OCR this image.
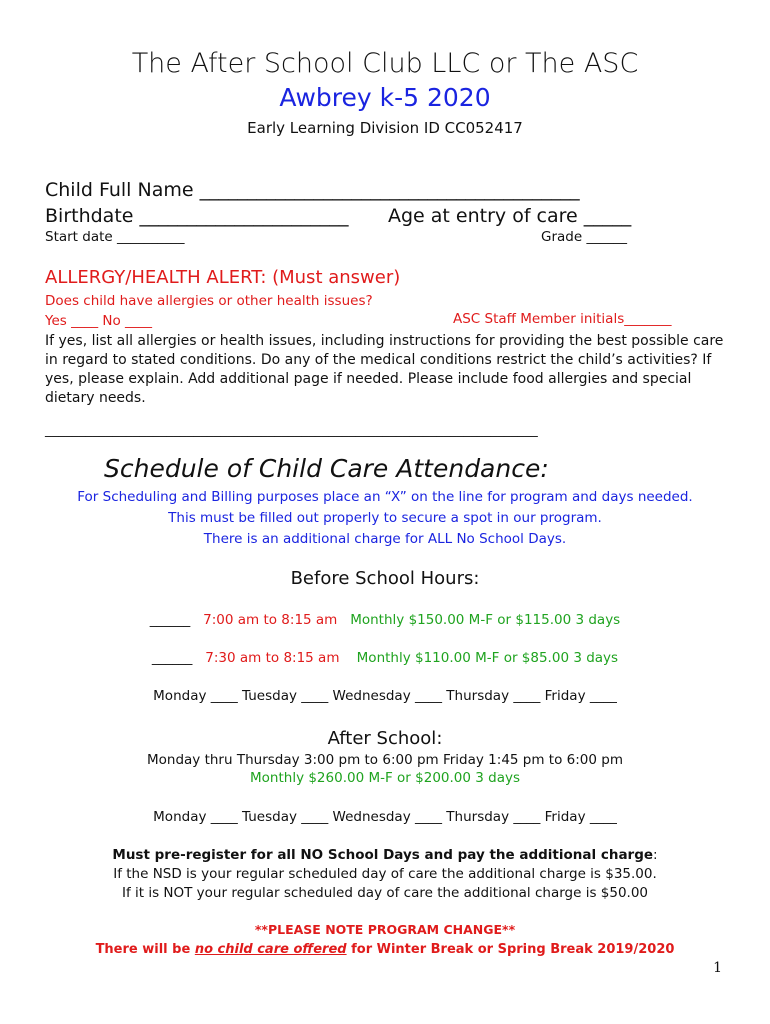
The After School Club LLC or The ASC
Awbrey k-5 2020
Early Learning Division ID CC052417
Child Full Name ________________________________________
Birthdate ______________________ Age at entry of care _____
Start date __________	Grade ______
ALLERGY/HEALTH ALERT: (Must answer)
Does child have allergies or other health issues?
Yes ____ No ____	ASC Staff Member initials_______
If yes, list all allergies or health issues, including instructions for providing the best possible care in regard to stated conditions. Do any of the medical conditions restrict the child’s activities? If yes, please explain. Add additional page if needed. Please include food allergies and special dietary needs.
_________________________________________________________________________
Schedule of Child Care Attendance:
For Scheduling and Billing purposes place an “X” on the line for program and days needed.
This must be filled out properly to secure a spot in our program.
There is an additional charge for ALL No School Days.
Before School Hours:
______ 7:00 am to 8:15 am Monthly $150.00 M-F or $115.00 3 days
______ 7:30 am to 8:15 am Monthly $110.00 M-F or $85.00 3 days
Monday ____ Tuesday ____ Wednesday ____ Thursday ____ Friday ____
After School:
Monday thru Thursday 3:00 pm to 6:00 pm Friday 1:45 pm to 6:00 pm
Monthly $260.00 M-F or $200.00 3 days
Monday ____ Tuesday ____ Wednesday ____ Thursday ____ Friday ____
Must pre-register for all NO School Days and pay the additional charge:
If the NSD is your regular scheduled day of care the additional charge is $35.00.
If it is NOT your regular scheduled day of care the additional charge is $50.00
**PLEASE NOTE PROGRAM CHANGE**
There will be no child care offered for Winter Break or Spring Break 2019/2020
1
